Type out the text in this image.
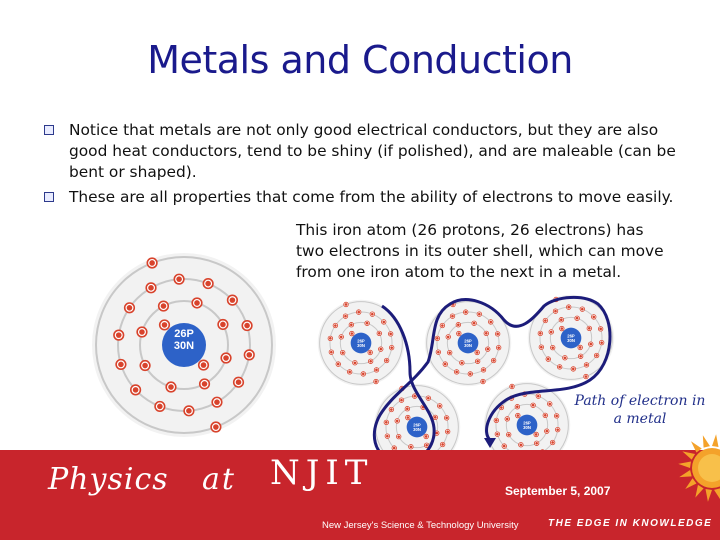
Metals and Conduction
Notice that metals are not only good electrical conductors, but they are also good heat conductors, tend to be shiny (if polished), and are maleable (can be bent or shaped).
These are all properties that come from the ability of electrons to move easily.
26P
30N
26P
30N
26P
30N
26P
30N
26P
30N
This iron atom (26 protons, 26 electrons) has two electrons in its outer shell, which can move from one iron atom to the next in a metal.
Path of electron in a metal
26P
30N
Physics at NJIT
New Jersey's Science & Technology University
September 5, 2007
THE EDGE IN KNOWLEDGE
